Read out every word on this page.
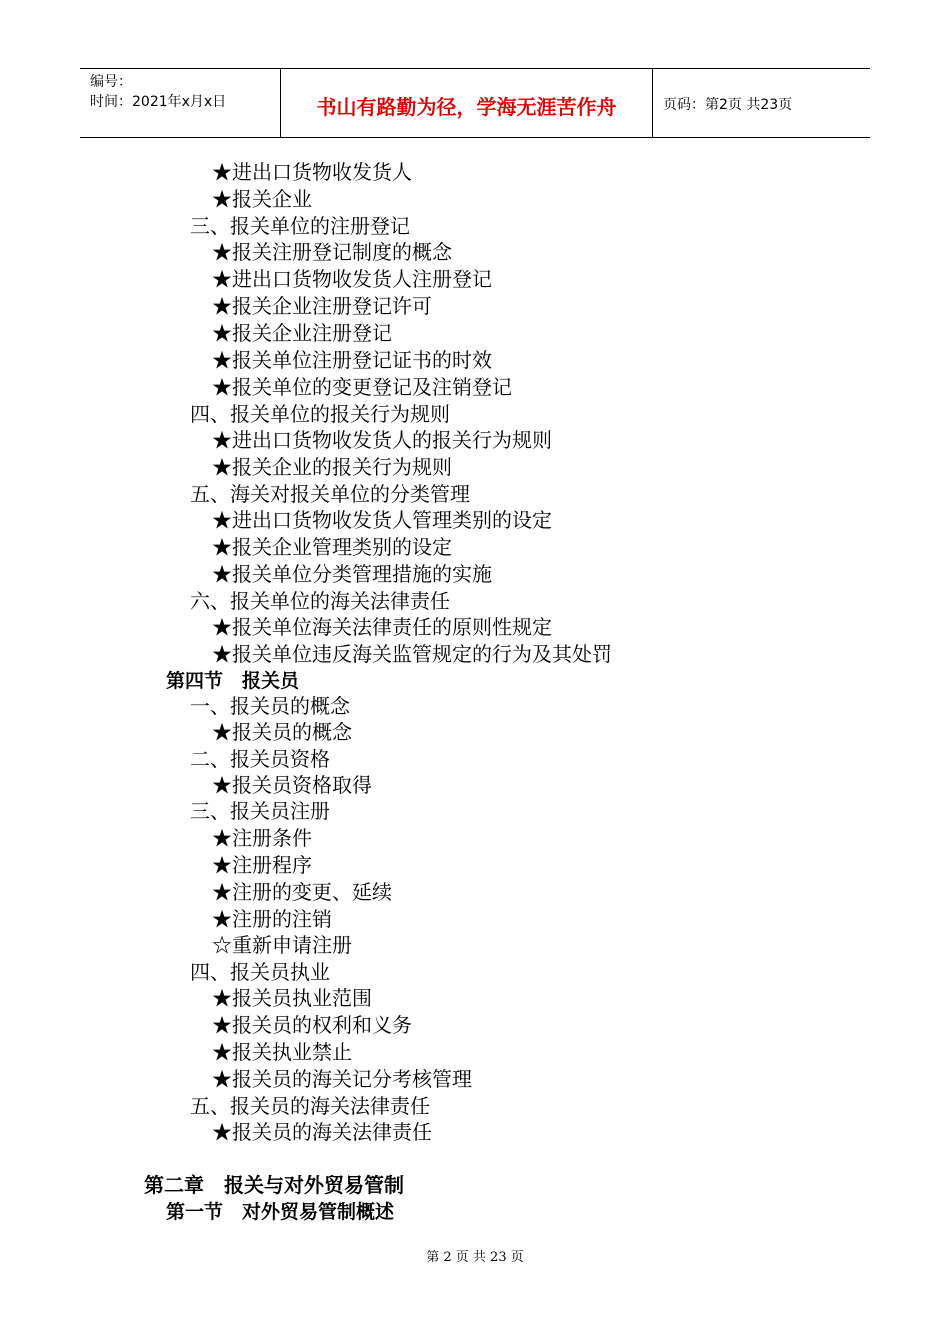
编号：
时间：2021年x月x日	书山有路勤为径，学海无涯苦作舟	页码：第2页 共23页
★进出口货物收发货人
★报关企业
三、报关单位的注册登记
★报关注册登记制度的概念
★进出口货物收发货人注册登记
★报关企业注册登记许可
★报关企业注册登记
★报关单位注册登记证书的时效
★报关单位的变更登记及注销登记
四、报关单位的报关行为规则
★进出口货物收发货人的报关行为规则
★报关企业的报关行为规则
五、海关对报关单位的分类管理
★进出口货物收发货人管理类别的设定
★报关企业管理类别的设定
★报关单位分类管理措施的实施
六、报关单位的海关法律责任
★报关单位海关法律责任的原则性规定
★报关单位违反海关监管规定的行为及其处罚
第四节　报关员
一、报关员的概念
★报关员的概念
二、报关员资格
★报关员资格取得
三、报关员注册
★注册条件
★注册程序
★注册的变更、延续
★注册的注销
☆重新申请注册
四、报关员执业
★报关员执业范围
★报关员的权利和义务
★报关执业禁止
★报关员的海关记分考核管理
五、报关员的海关法律责任
★报关员的海关法律责任
第二章　报关与对外贸易管制
第一节　对外贸易管制概述
第 2 页 共 23 页
